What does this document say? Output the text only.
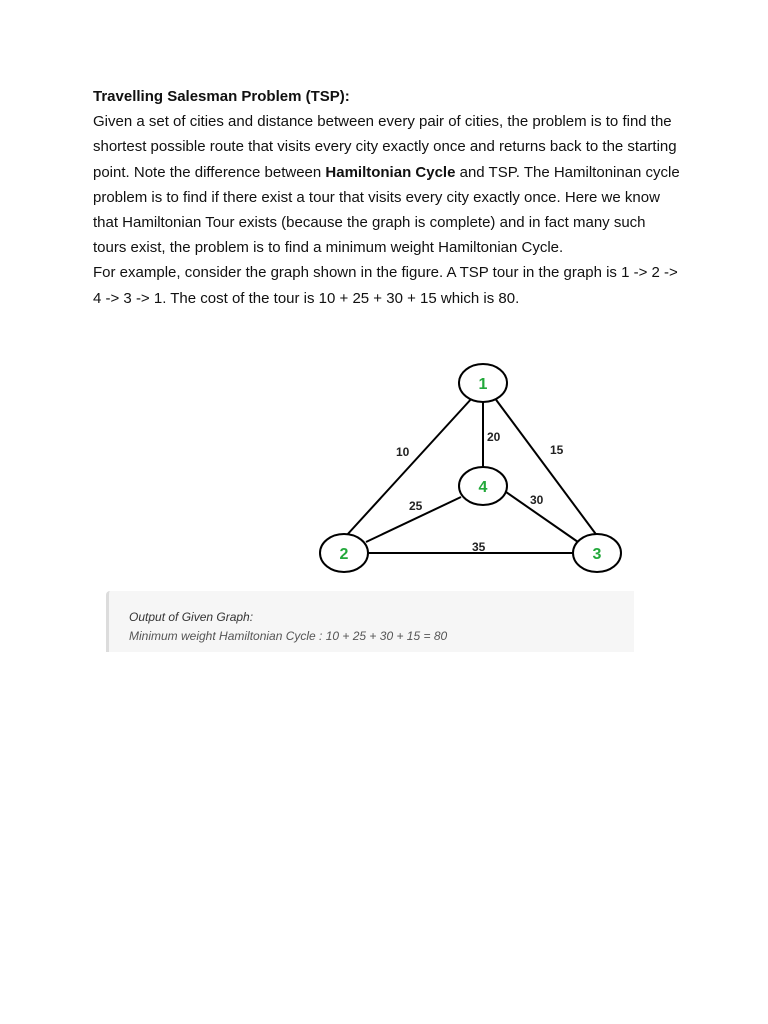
Travelling Salesman Problem (TSP):

Given a set of cities and distance between every pair of cities, the problem is to find the shortest possible route that visits every city exactly once and returns back to the starting point. Note the difference between Hamiltonian Cycle and TSP. The Hamiltoninan cycle problem is to find if there exist a tour that visits every city exactly once. Here we know that Hamiltonian Tour exists (because the graph is complete) and in fact many such tours exist, the problem is to find a minimum weight Hamiltonian Cycle.

For example, consider the graph shown in the figure. A TSP tour in the graph is 1 -> 2 -> 4 -> 3 -> 1. The cost of the tour is 10 + 25 + 30 + 15 which is 80.

10
20
15
25	30
35
1
4
2	3
Output of Given Graph:
Minimum weight Hamiltonian Cycle : 10 + 25 + 30 + 15 = 80
